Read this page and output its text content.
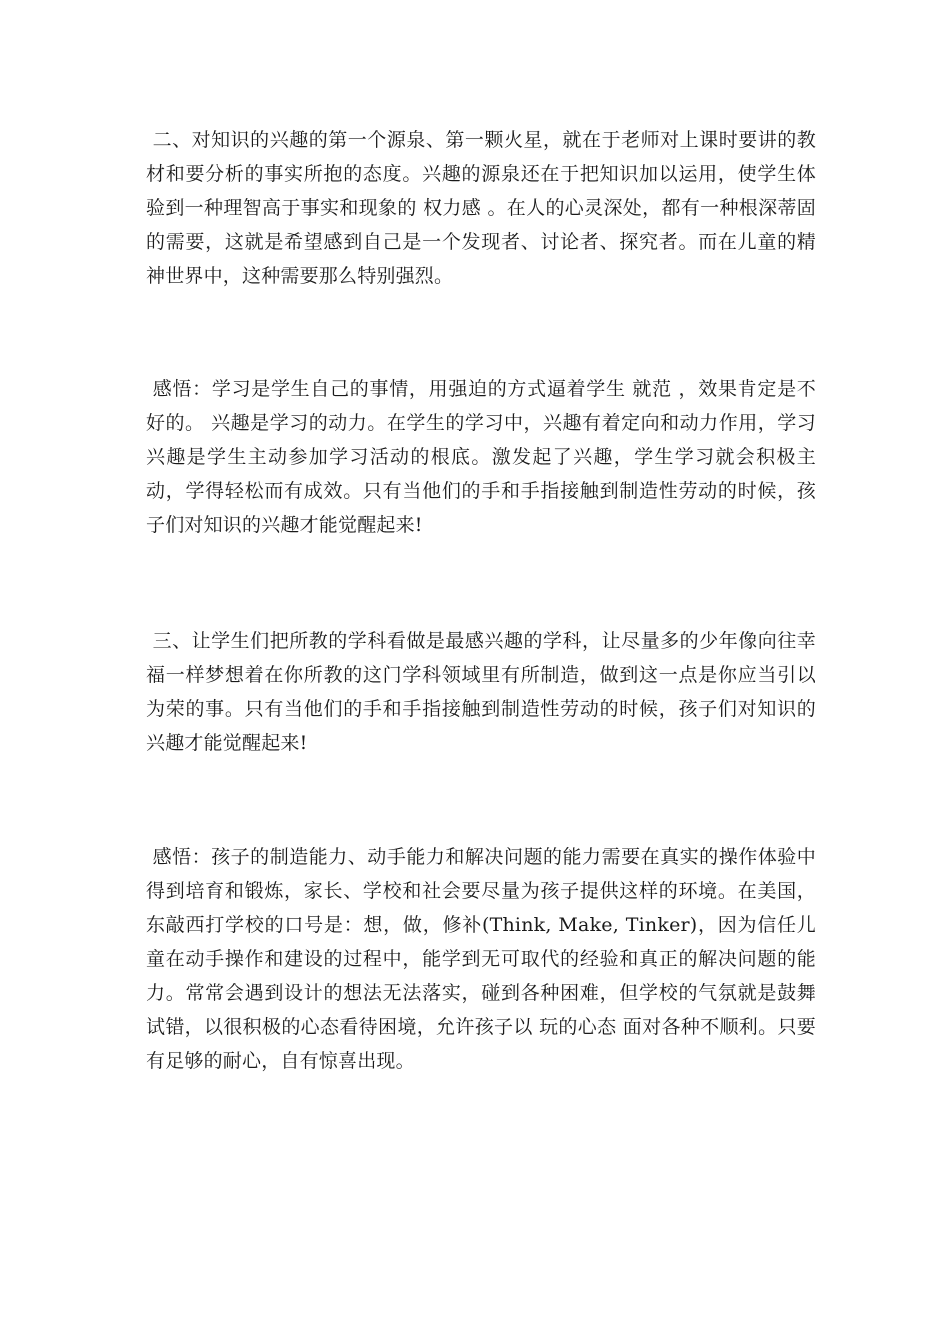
二、对知识的兴趣的第一个源泉、第一颗火星，就在于老师对上课时要讲的教材和要分析的事实所抱的态度。兴趣的源泉还在于把知识加以运用，使学生体验到一种理智高于事实和现象的 权力感 。在人的心灵深处，都有一种根深蒂固的需要，这就是希望感到自己是一个发现者、讨论者、探究者。而在儿童的精神世界中，这种需要那么特别强烈。

感悟：学习是学生自己的事情，用强迫的方式逼着学生 就范 ，效果肯定是不好的。 兴趣是学习的动力。在学生的学习中，兴趣有着定向和动力作用，学习兴趣是学生主动参加学习活动的根底。激发起了兴趣，学生学习就会积极主动，学得轻松而有成效。只有当他们的手和手指接触到制造性劳动的时候，孩子们对知识的兴趣才能觉醒起来!

三、让学生们把所教的学科看做是最感兴趣的学科，让尽量多的少年像向往幸福一样梦想着在你所教的这门学科领域里有所制造，做到这一点是你应当引以为荣的事。只有当他们的手和手指接触到制造性劳动的时候，孩子们对知识的兴趣才能觉醒起来!

感悟：孩子的制造能力、动手能力和解决问题的能力需要在真实的操作体验中得到培育和锻炼，家长、学校和社会要尽量为孩子提供这样的环境。在美国，东敲西打学校的口号是：想，做，修补(Think, Make, Tinker)，因为信任儿童在动手操作和建设的过程中，能学到无可取代的经验和真正的解决问题的能力。常常会遇到设计的想法无法落实，碰到各种困难，但学校的气氛就是鼓舞试错，以很积极的心态看待困境，允许孩子以 玩的心态 面对各种不顺利。只要有足够的耐心，自有惊喜出现。
